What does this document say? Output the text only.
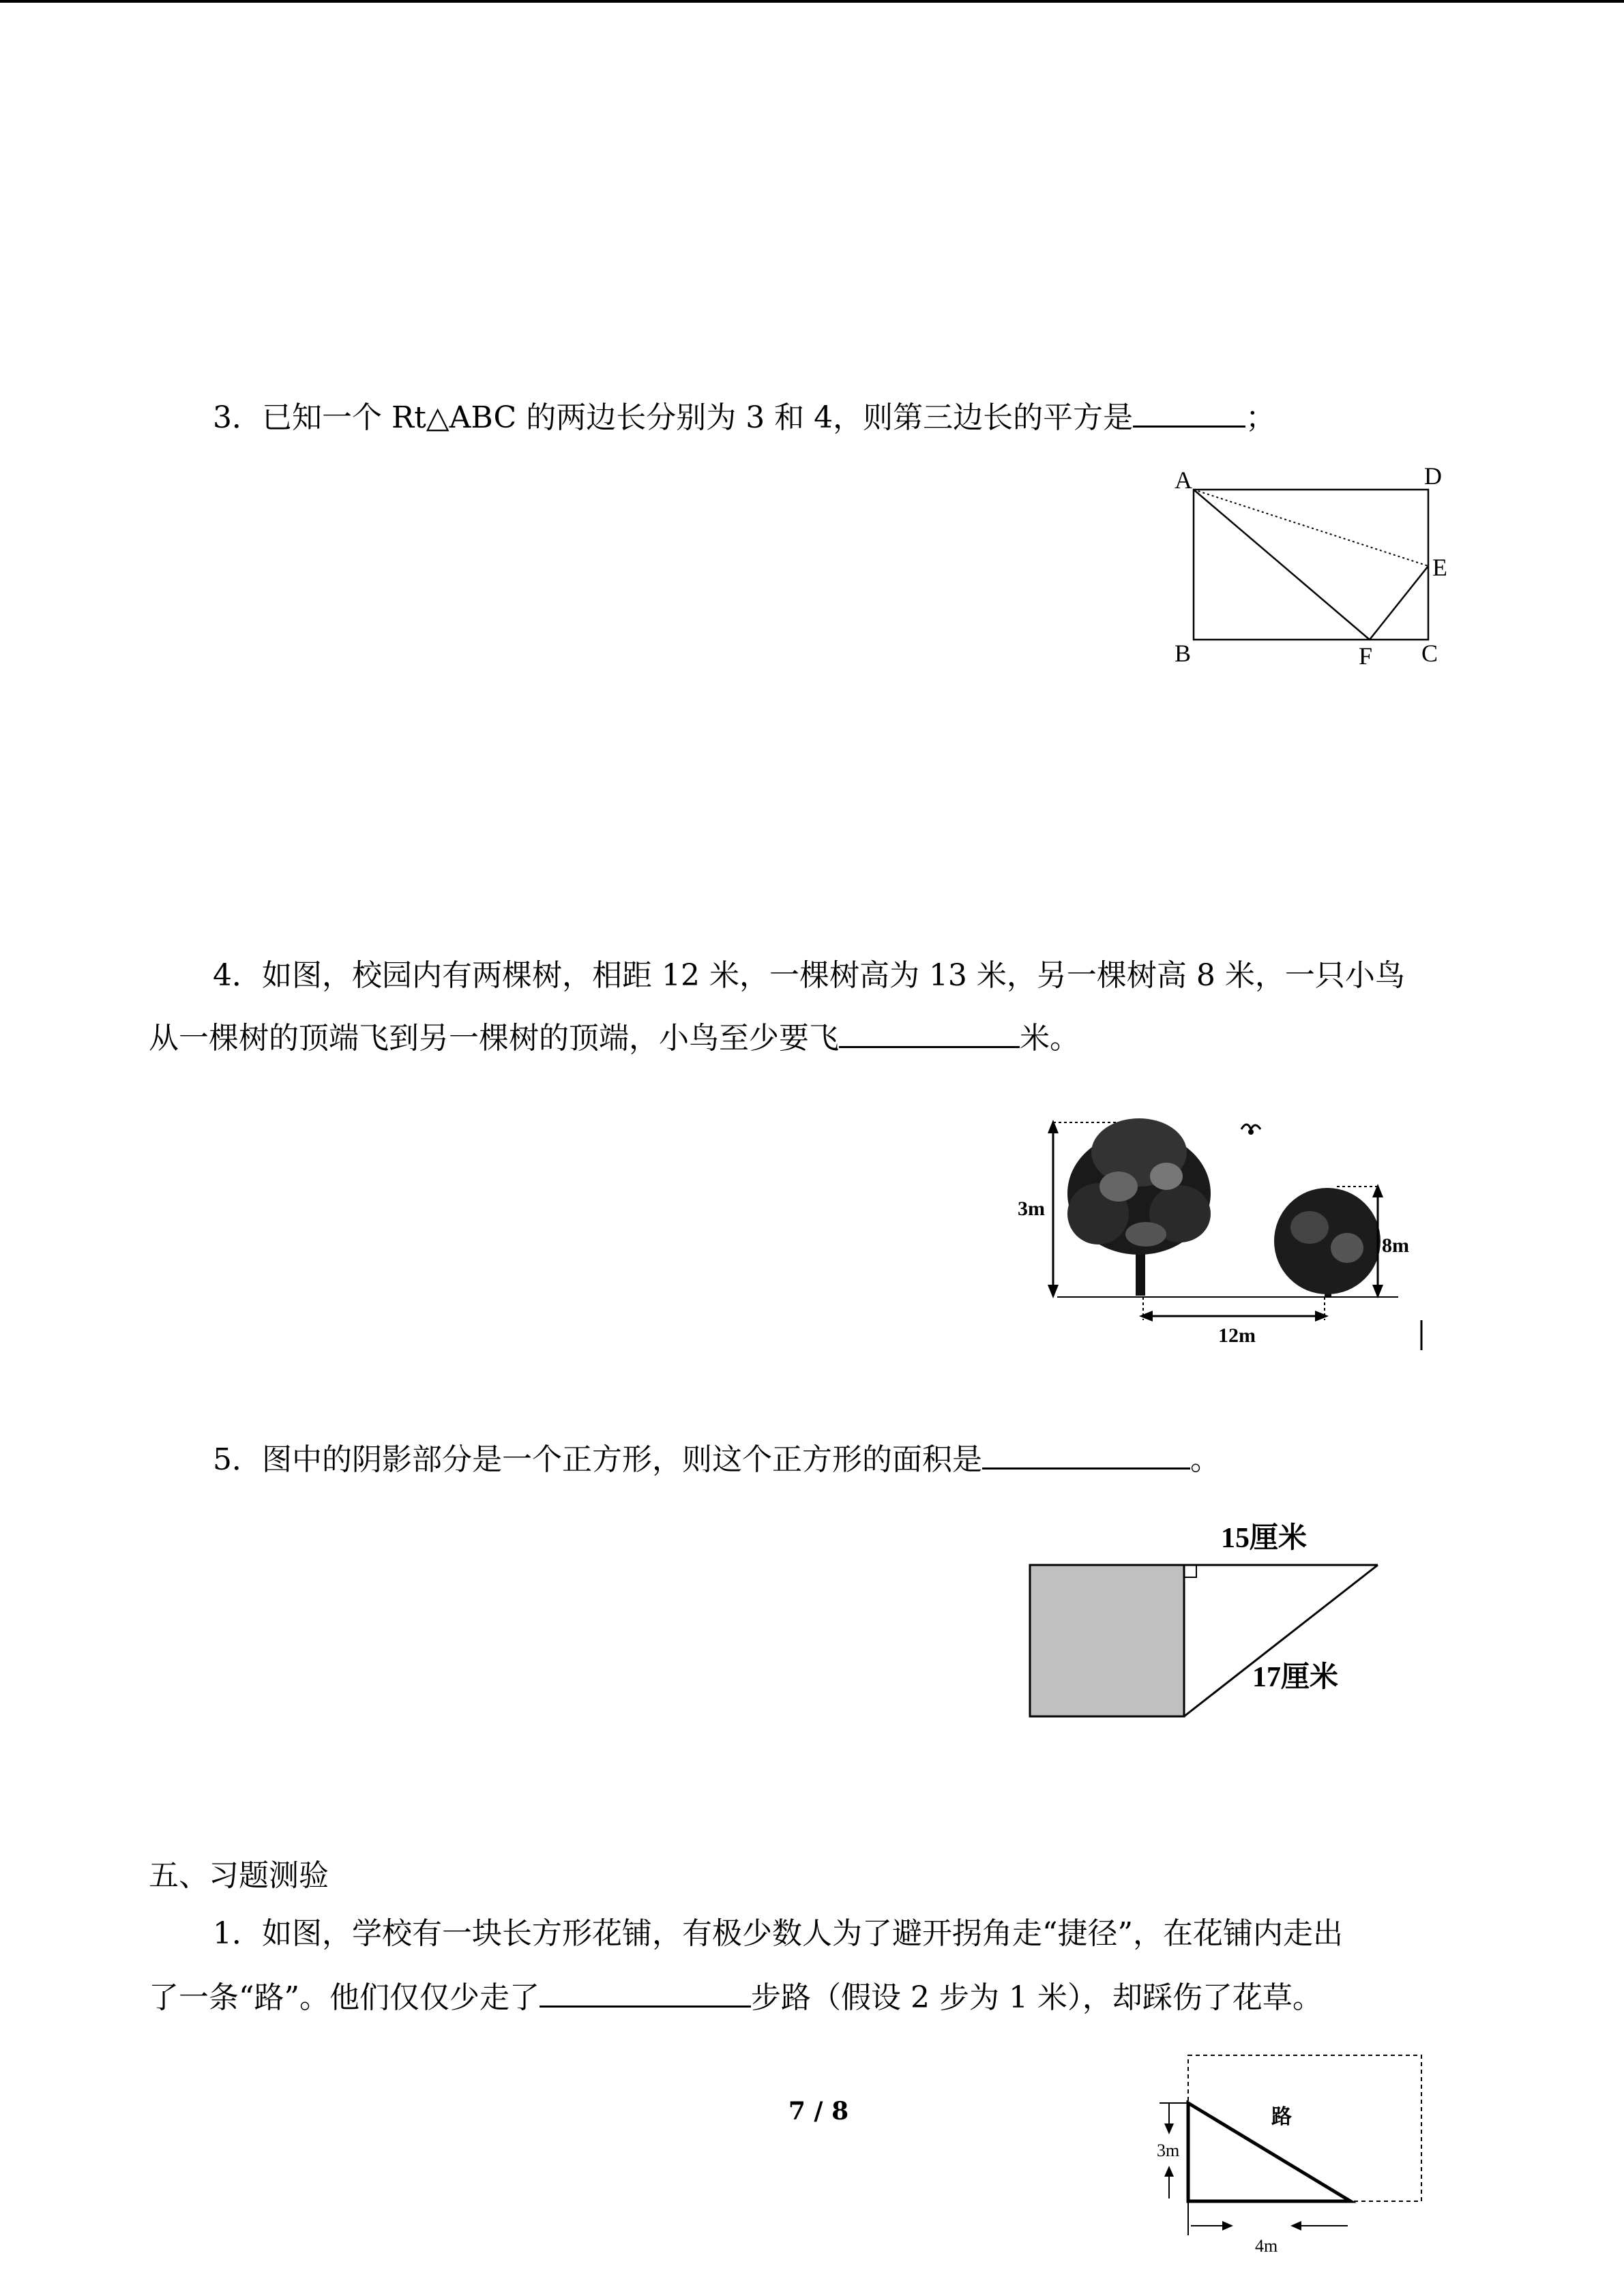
3．已知一个 Rt△ABC 的两边长分别为 3 和 4，则第三边长的平方是	；
A	D
E
B	F C
4．如图，校园内有两棵树，相距 12 米，一棵树高为 13 米，另一棵树高 8 米，一只小鸟
从一棵树的顶端飞到另一棵树的顶端，小鸟至少要飞	米。
3m
8m
12m
5．图中的阴影部分是一个正方形，则这个正方形的面积是	。
15厘米
17厘米
五、习题测验
1．如图，学校有一块长方形花铺，有极少数人为了避开拐角走“捷径”，在花铺内走出
了一条“路”。他们仅仅少走了	步路（假设 2 步为 1 米），却踩伤了花草。
路
3m
4m
7 / 8
